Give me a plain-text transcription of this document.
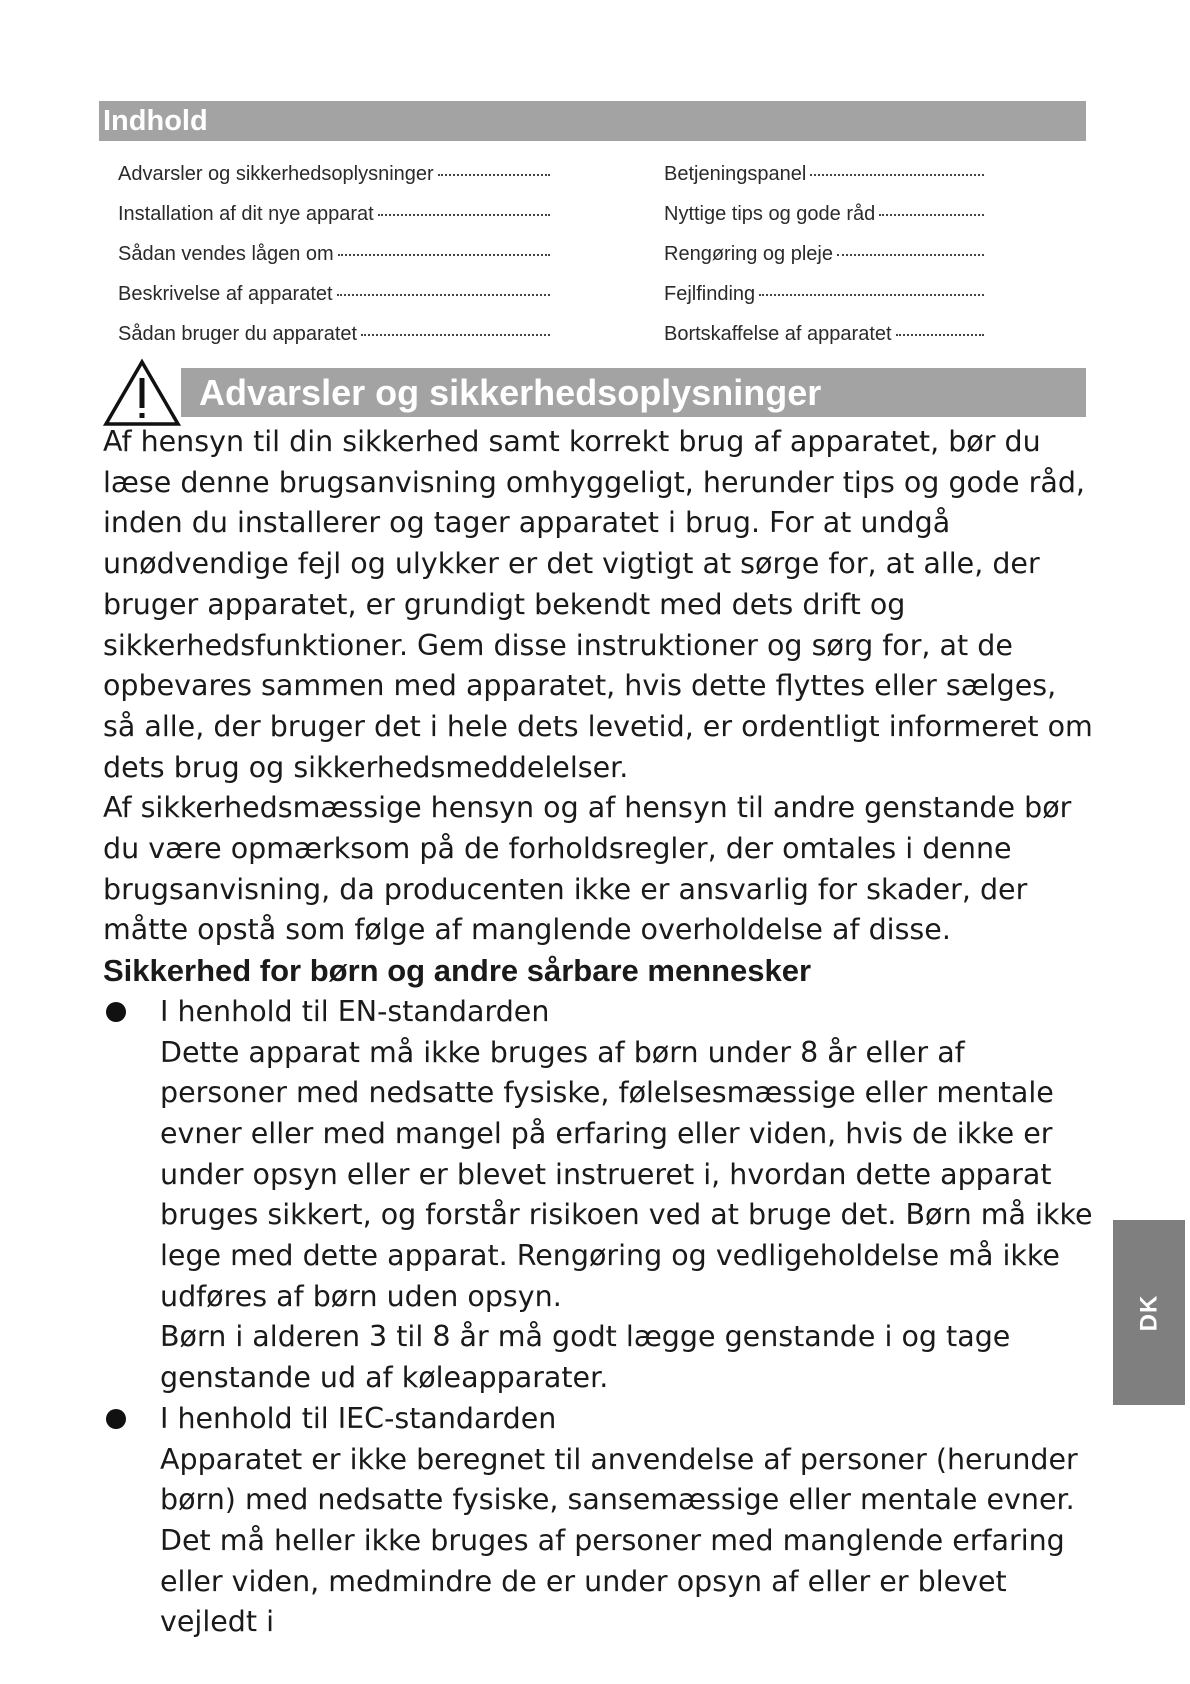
Indhold
Advarsler og sikkerhedsoplysninger
Installation af dit nye apparat
Sådan vendes lågen om
Beskrivelse af apparatet
Sådan bruger du apparatet
Betjeningspanel
Nyttige tips og gode råd
Rengøring og pleje
Fejlfinding
Bortskaffelse af apparatet
Advarsler og sikkerhedsoplysninger

Af hensyn til din sikkerhed samt korrekt brug af apparatet, bør du læse denne brugsanvisning omhyggeligt, herunder tips og gode råd, inden du installerer og tager apparatet i brug. For at undgå unødvendige fejl og ulykker er det vigtigt at sørge for, at alle, der bruger apparatet, er grundigt bekendt med dets drift og sikkerhedsfunktioner. Gem disse instruktioner og sørg for, at de opbevares sammen med apparatet, hvis dette flyttes eller sælges, så alle, der bruger det i hele dets levetid, er ordentligt informeret om dets brug og sikkerhedsmeddelelser.

Af sikkerhedsmæssige hensyn og af hensyn til andre genstande bør du være opmærksom på de forholdsregler, der omtales i denne brugsanvisning, da producenten ikke er ansvarlig for skader, der måtte opstå som følge af manglende overholdelse af disse.

Sikkerhed for børn og andre sårbare mennesker

I henhold til EN-standarden

Dette apparat må ikke bruges af børn under 8 år eller af personer med nedsatte fysiske, følelsesmæssige eller mentale evner eller med mangel på erfaring eller viden, hvis de ikke er under opsyn eller er blevet instrueret i, hvordan dette apparat bruges sikkert, og forstår risikoen ved at bruge det. Børn må ikke lege med dette apparat. Rengøring og vedligeholdelse må ikke udføres af børn uden opsyn.

Børn i alderen 3 til 8 år må godt lægge genstande i og tage genstande ud af køleapparater.

I henhold til IEC-standarden

Apparatet er ikke beregnet til anvendelse af personer (herunder børn) med nedsatte fysiske, sansemæssige eller mentale evner. Det må heller ikke bruges af personer med manglende erfaring eller viden, medmindre de er under opsyn af eller er blevet vejledt i

DK
